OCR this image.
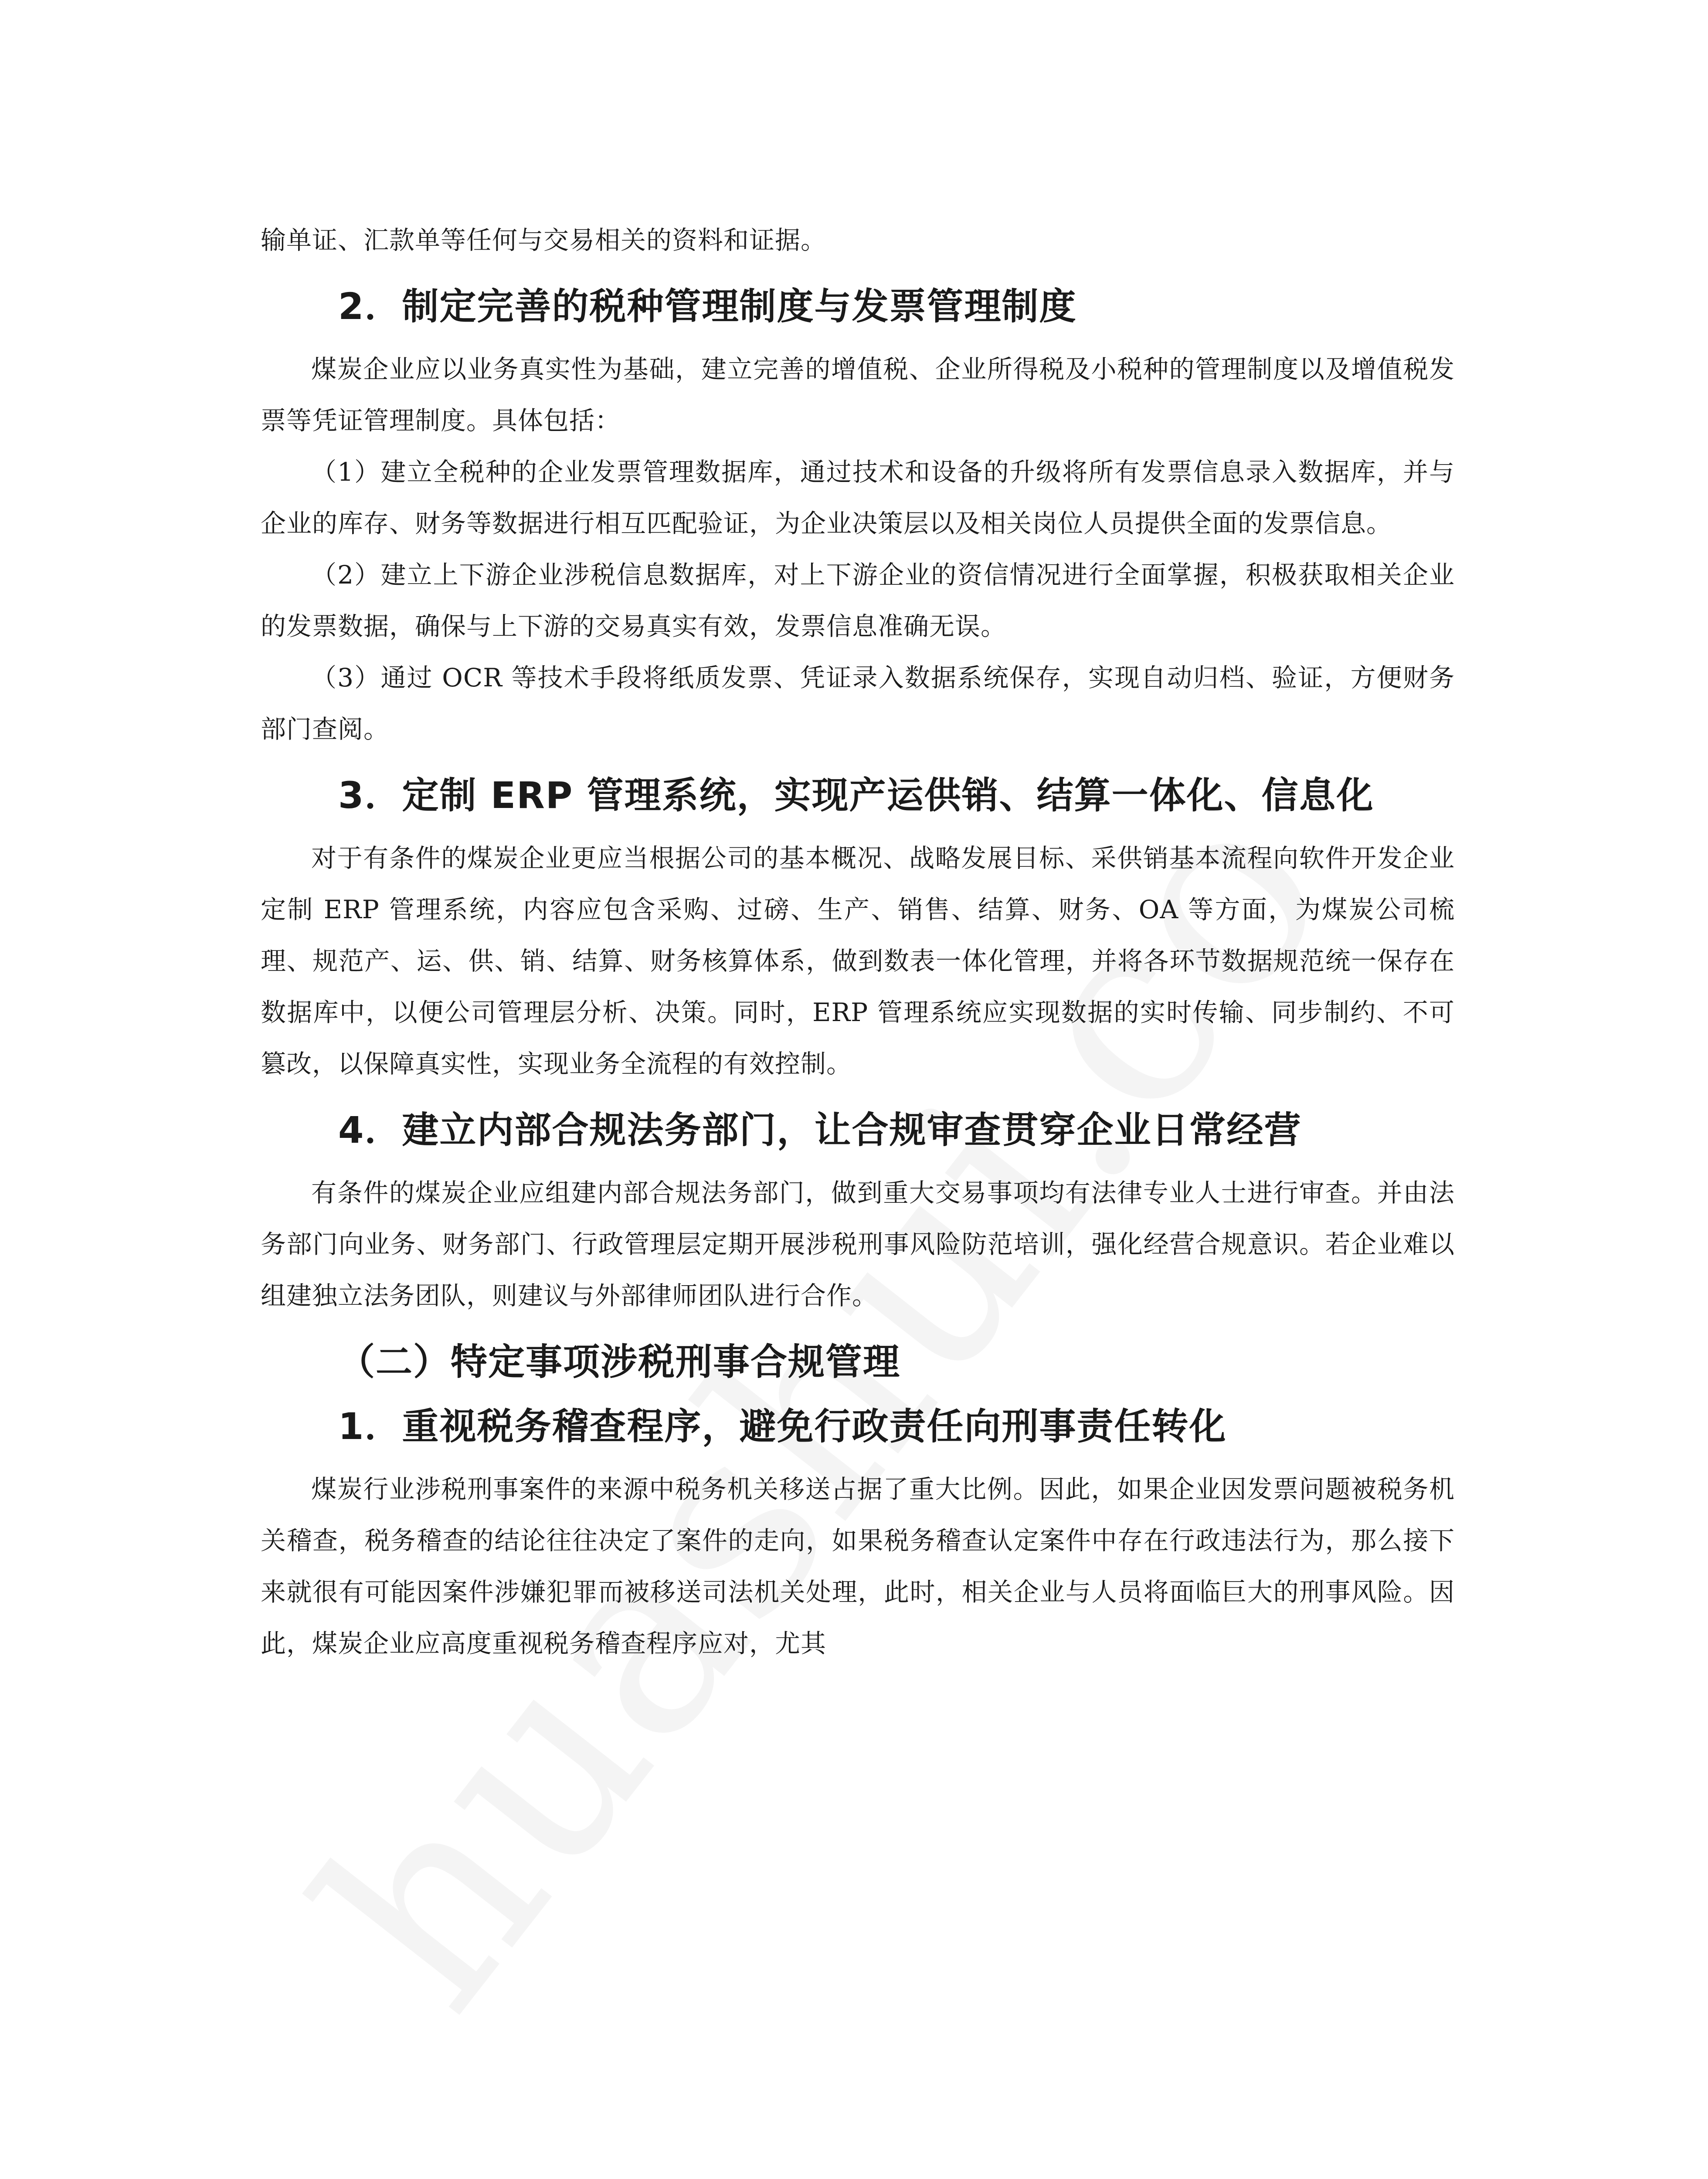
输单证、汇款单等任何与交易相关的资料和证据。

2．制定完善的税种管理制度与发票管理制度

煤炭企业应以业务真实性为基础，建立完善的增值税、企业所得税及小税种的管理制度以及增值税发票等凭证管理制度。具体包括：

（1）建立全税种的企业发票管理数据库，通过技术和设备的升级将所有发票信息录入数据库，并与企业的库存、财务等数据进行相互匹配验证，为企业决策层以及相关岗位人员提供全面的发票信息。

（2）建立上下游企业涉税信息数据库，对上下游企业的资信情况进行全面掌握，积极获取相关企业的发票数据，确保与上下游的交易真实有效，发票信息准确无误。

（3）通过 OCR 等技术手段将纸质发票、凭证录入数据系统保存，实现自动归档、验证，方便财务部门查阅。

3．定制 ERP 管理系统，实现产运供销、结算一体化、信息化

对于有条件的煤炭企业更应当根据公司的基本概况、战略发展目标、采供销基本流程向软件开发企业定制 ERP 管理系统，内容应包含采购、过磅、生产、销售、结算、财务、OA 等方面，为煤炭公司梳理、规范产、运、供、销、结算、财务核算体系，做到数表一体化管理，并将各环节数据规范统一保存在数据库中，以便公司管理层分析、决策。同时，ERP 管理系统应实现数据的实时传输、同步制约、不可篡改，以保障真实性，实现业务全流程的有效控制。

4．建立内部合规法务部门，让合规审查贯穿企业日常经营

有条件的煤炭企业应组建内部合规法务部门，做到重大交易事项均有法律专业人士进行审查。并由法务部门向业务、财务部门、行政管理层定期开展涉税刑事风险防范培训，强化经营合规意识。若企业难以组建独立法务团队，则建议与外部律师团队进行合作。

（二）特定事项涉税刑事合规管理
1．重视税务稽查程序，避免行政责任向刑事责任转化

煤炭行业涉税刑事案件的来源中税务机关移送占据了重大比例。因此，如果企业因发票问题被税务机关稽查，税务稽查的结论往往决定了案件的走向，如果税务稽查认定案件中存在行政违法行为，那么接下来就很有可能因案件涉嫌犯罪而被移送司法机关处理，此时，相关企业与人员将面临巨大的刑事风险。因此，煤炭企业应高度重视税务稽查程序应对，尤其
